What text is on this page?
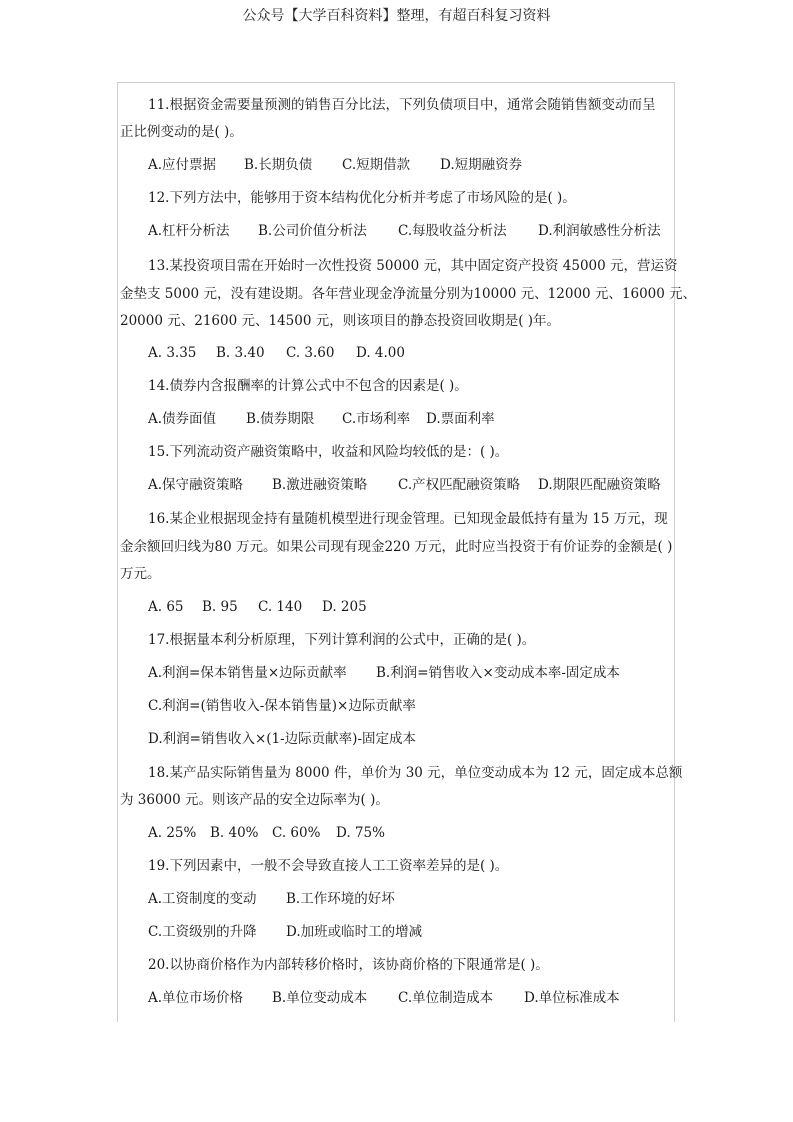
公众号【大学百科资料】整理，有超百科复习资料
11.根据资金需要量预测的销售百分比法，下列负债项目中，通常会随销售额变动而呈
正比例变动的是( )。
A.应付票据 B.长期负债 C.短期借款 D.短期融资券
12.下列方法中，能够用于资本结构优化分析并考虑了市场风险的是( )。
A.杠杆分析法 B.公司价值分析法 C.每股收益分析法 D.利润敏感性分析法
13.某投资项目需在开始时一次性投资 50000 元，其中固定资产投资 45000 元，营运资
金垫支 5000 元，没有建设期。各年营业现金净流量分别为10000 元、12000 元、16000 元、
20000 元、21600 元、14500 元，则该项目的静态投资回收期是( )年。
A. 3.35 B. 3.40 C. 3.60 D. 4.00
14.债券内含报酬率的计算公式中不包含的因素是( )。
A.债券面值 B.债券期限 C.市场利率 D.票面利率
15.下列流动资产融资策略中，收益和风险均较低的是：( )。
A.保守融资策略 B.激进融资策略 C.产权匹配融资策略 D.期限匹配融资策略
16.某企业根据现金持有量随机模型进行现金管理。已知现金最低持有量为 15 万元，现
金余额回归线为80 万元。如果公司现有现金220 万元，此时应当投资于有价证券的金额是( )
万元。
A. 65 B. 95 C. 140 D. 205
17.根据量本利分析原理，下列计算利润的公式中，正确的是( )。
A.利润=保本销售量×边际贡献率 B.利润=销售收入×变动成本率-固定成本
C.利润=(销售收入-保本销售量)×边际贡献率
D.利润=销售收入×(1-边际贡献率)-固定成本
18.某产品实际销售量为 8000 件，单价为 30 元，单位变动成本为 12 元，固定成本总额
为 36000 元。则该产品的安全边际率为( )。
A. 25% B. 40% C. 60% D. 75%
19.下列因素中，一般不会导致直接人工工资率差异的是( )。
A.工资制度的变动 B.工作环境的好坏
C.工资级别的升降 D.加班或临时工的增减
20.以协商价格作为内部转移价格时，该协商价格的下限通常是( )。
A.单位市场价格 B.单位变动成本 C.单位制造成本 D.单位标准成本
